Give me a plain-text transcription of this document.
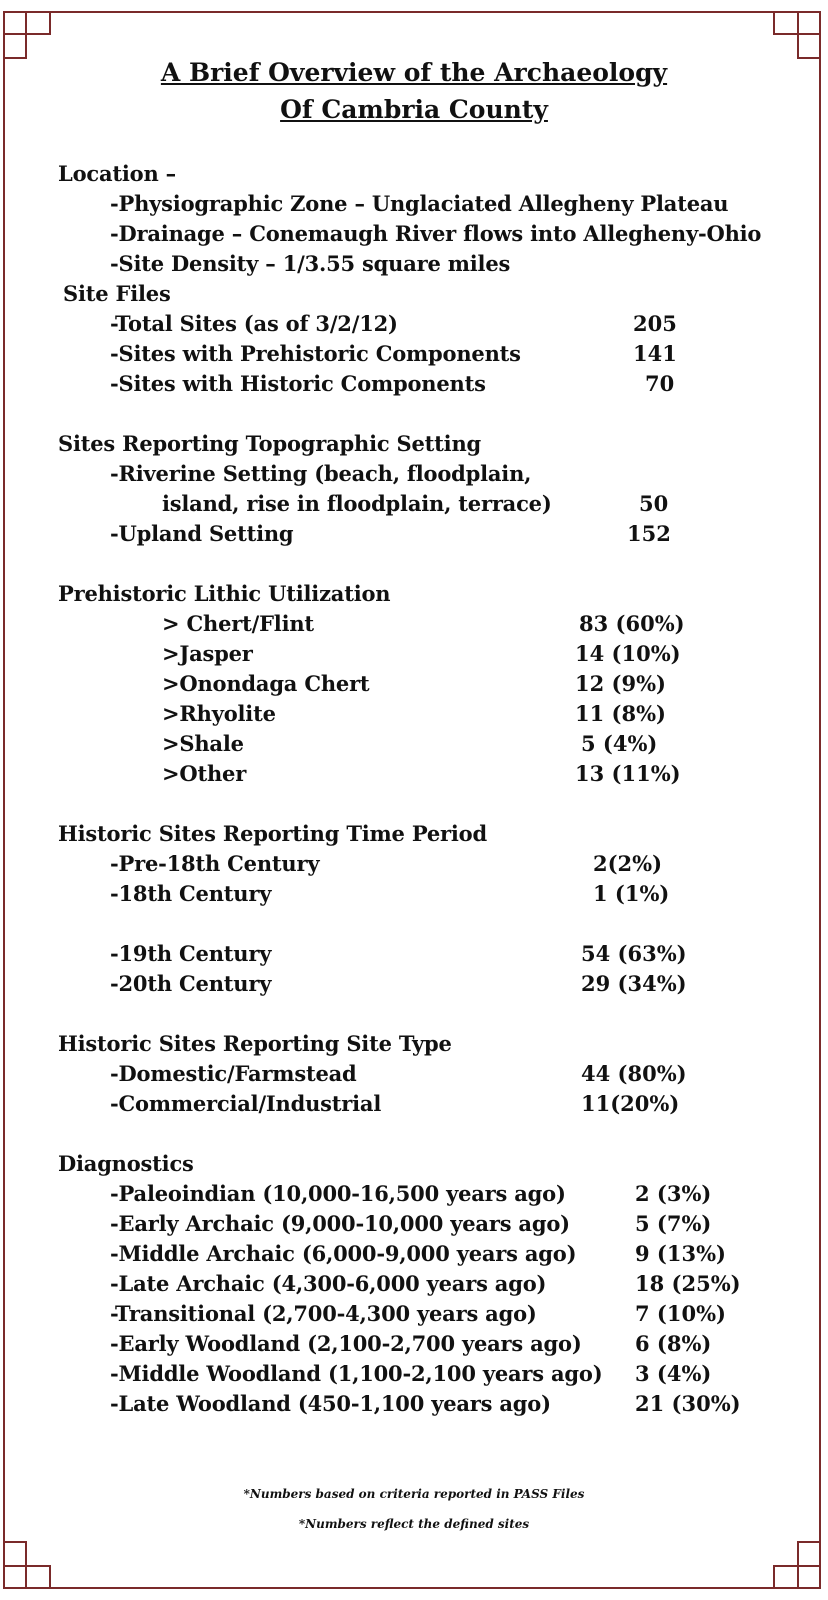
A Brief Overview of the Archaeology
Of Cambria County
Location –
-Physiographic Zone – Unglaciated Allegheny Plateau
-Drainage – Conemaugh River flows into Allegheny-Ohio
-Site Density – 1/3.55 square miles
Site Files
-Total Sites (as of 3/2/12)	205
-Sites with Prehistoric Components	141
-Sites with Historic Components	70
Sites Reporting Topographic Setting
-Riverine Setting (beach, floodplain,
island, rise in floodplain, terrace)	50
-Upland Setting	152
Prehistoric Lithic Utilization
> Chert/Flint	83 (60%)
>Jasper	14 (10%)
>Onondaga Chert	12 (9%)
>Rhyolite	11 (8%)
>Shale	5 (4%)
>Other	13 (11%)
Historic Sites Reporting Time Period
-Pre-18th Century	2(2%)
-18th Century	1 (1%)
-19th Century	54 (63%)
-20th Century	29 (34%)
Historic Sites Reporting Site Type
-Domestic/Farmstead	44 (80%)
-Commercial/Industrial	11(20%)
Diagnostics
-Paleoindian (10,000-16,500 years ago)	2 (3%)
-Early Archaic (9,000-10,000 years ago)	5 (7%)
-Middle Archaic (6,000-9,000 years ago)	9 (13%)
-Late Archaic (4,300-6,000 years ago)	18 (25%)
-Transitional (2,700-4,300 years ago)	7 (10%)
-Early Woodland (2,100-2,700 years ago)	6 (8%)
-Middle Woodland (1,100-2,100 years ago) 3 (4%)
-Late Woodland (450-1,100 years ago)	21 (30%)
*Numbers based on criteria reported in PASS Files
*Numbers reflect the defined sites
